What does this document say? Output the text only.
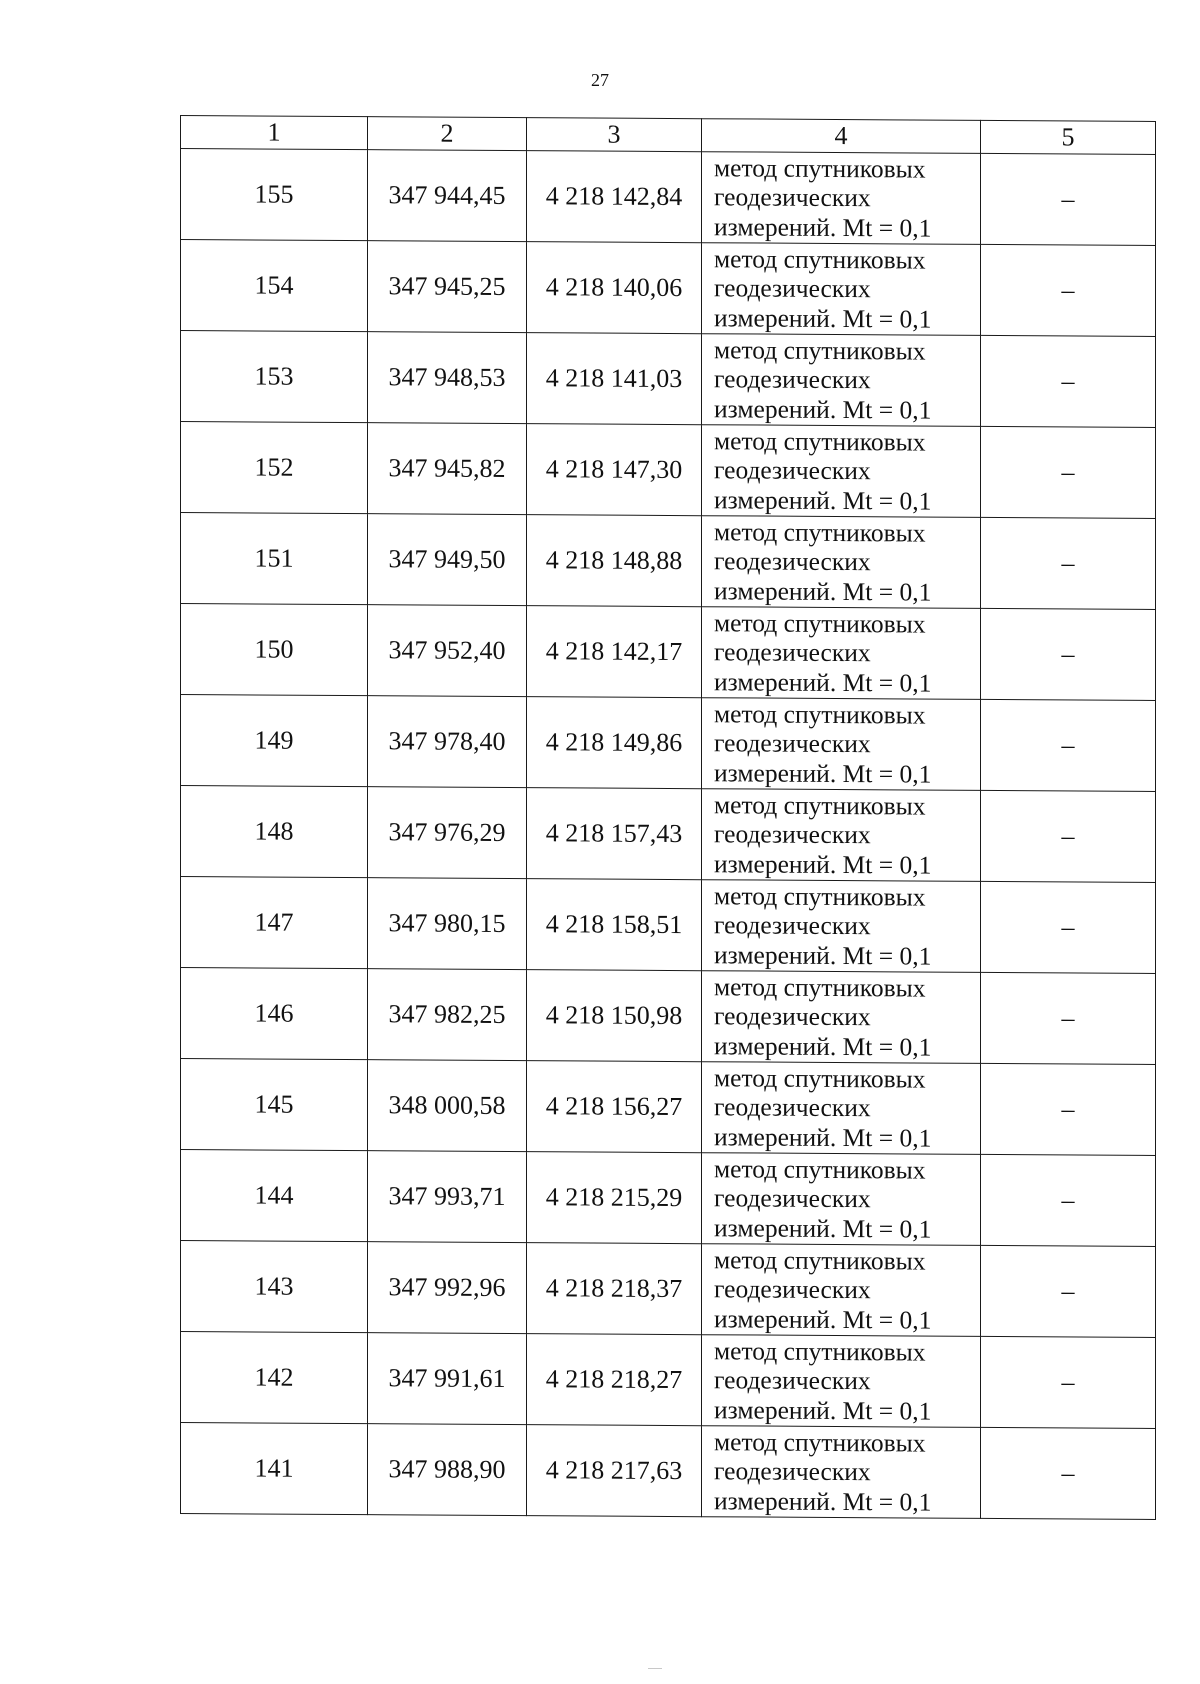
27
1	2	3	4	5
155	347 944,45	4 218 142,84	метод спутниковых
геодезических
измерений. Mt = 0,1	–
154	347 945,25	4 218 140,06	метод спутниковых
геодезических
измерений. Mt = 0,1	–
153	347 948,53	4 218 141,03	метод спутниковых
геодезических
измерений. Mt = 0,1	–
152	347 945,82	4 218 147,30	метод спутниковых
геодезических
измерений. Mt = 0,1	–
151	347 949,50	4 218 148,88	метод спутниковых
геодезических
измерений. Mt = 0,1	–
150	347 952,40	4 218 142,17	метод спутниковых
геодезических
измерений. Mt = 0,1	–
149	347 978,40	4 218 149,86	метод спутниковых
геодезических
измерений. Mt = 0,1	–
148	347 976,29	4 218 157,43	метод спутниковых
геодезических
измерений. Mt = 0,1	–
147	347 980,15	4 218 158,51	метод спутниковых
геодезических
измерений. Mt = 0,1	–
146	347 982,25	4 218 150,98	метод спутниковых
геодезических
измерений. Mt = 0,1	–
145	348 000,58	4 218 156,27	метод спутниковых
геодезических
измерений. Mt = 0,1	–
144	347 993,71	4 218 215,29	метод спутниковых
геодезических
измерений. Mt = 0,1	–
143	347 992,96	4 218 218,37	метод спутниковых
геодезических
измерений. Mt = 0,1	–
142	347 991,61	4 218 218,27	метод спутниковых
геодезических
измерений. Mt = 0,1	–
141	347 988,90	4 218 217,63	метод спутниковых
геодезических
измерений. Mt = 0,1	–
